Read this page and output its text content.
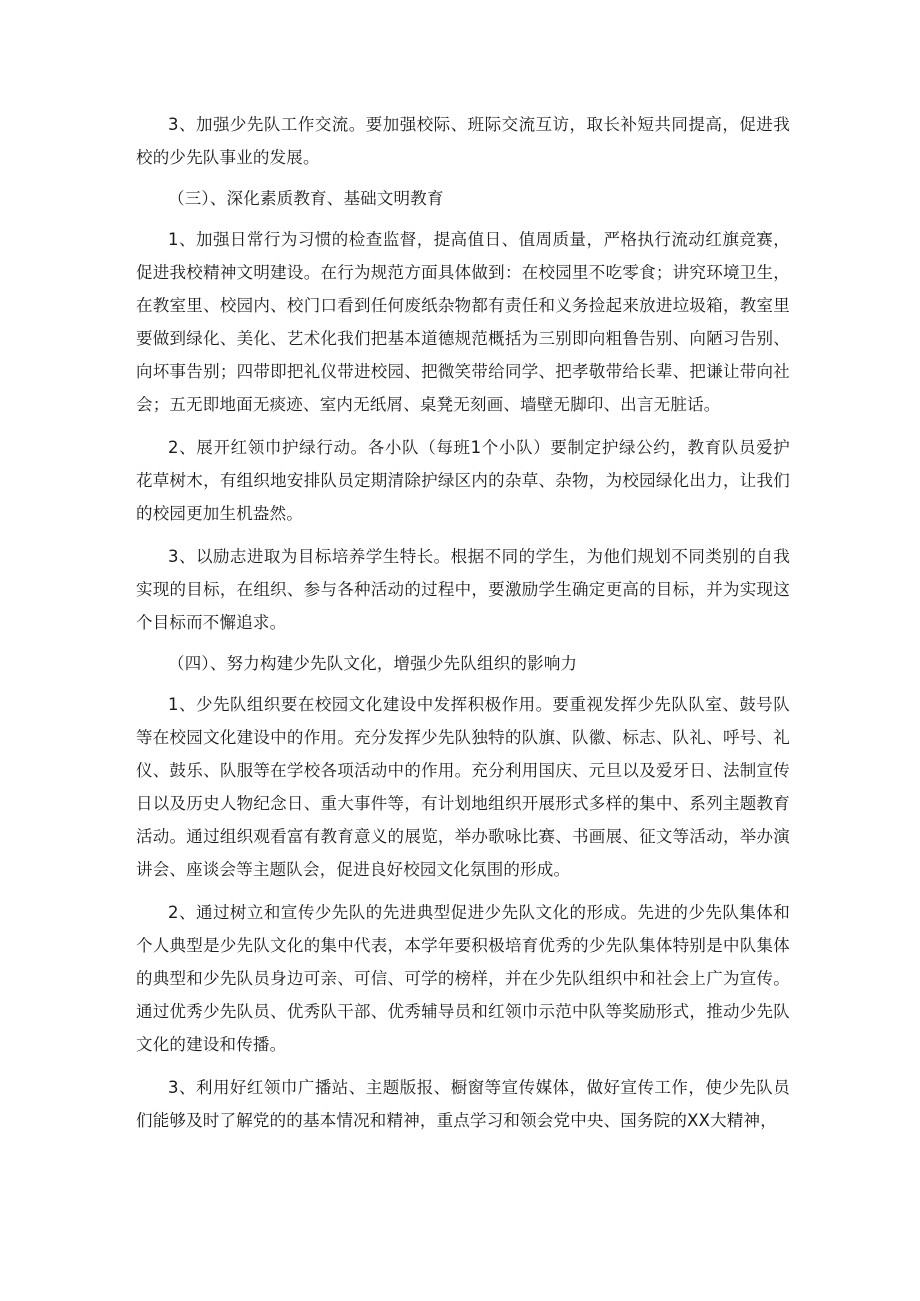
3、加强少先队工作交流。要加强校际、班际交流互访，取长补短共同提高，促进我校的少先队事业的发展。

（三）、深化素质教育、基础文明教育

1、加强日常行为习惯的检查监督，提高值日、值周质量，严格执行流动红旗竞赛，促进我校精神文明建设。在行为规范方面具体做到：在校园里不吃零食；讲究环境卫生，在教室里、校园内、校门口看到任何废纸杂物都有责任和义务捡起来放进垃圾箱，教室里要做到绿化、美化、艺术化我们把基本道德规范概括为三别即向粗鲁告别、向陋习告别、向坏事告别；四带即把礼仪带进校园、把微笑带给同学、把孝敬带给长辈、把谦让带向社会；五无即地面无痰迹、室内无纸屑、桌凳无刻画、墙壁无脚印、出言无脏话。

2、展开红领巾护绿行动。各小队（每班1个小队）要制定护绿公约，教育队员爱护花草树木，有组织地安排队员定期清除护绿区内的杂草、杂物，为校园绿化出力，让我们的校园更加生机盎然。

3、以励志进取为目标培养学生特长。根据不同的学生，为他们规划不同类别的自我实现的目标，在组织、参与各种活动的过程中，要激励学生确定更高的目标，并为实现这个目标而不懈追求。

（四）、努力构建少先队文化，增强少先队组织的影响力

1、少先队组织要在校园文化建设中发挥积极作用。要重视发挥少先队队室、鼓号队等在校园文化建设中的作用。充分发挥少先队独特的队旗、队徽、标志、队礼、呼号、礼仪、鼓乐、队服等在学校各项活动中的作用。充分利用国庆、元旦以及爱牙日、法制宣传日以及历史人物纪念日、重大事件等，有计划地组织开展形式多样的集中、系列主题教育活动。通过组织观看富有教育意义的展览，举办歌咏比赛、书画展、征文等活动，举办演讲会、座谈会等主题队会，促进良好校园文化氛围的形成。

2、通过树立和宣传少先队的先进典型促进少先队文化的形成。先进的少先队集体和个人典型是少先队文化的集中代表，本学年要积极培育优秀的少先队集体特别是中队集体的典型和少先队员身边可亲、可信、可学的榜样，并在少先队组织中和社会上广为宣传。通过优秀少先队员、优秀队干部、优秀辅导员和红领巾示范中队等奖励形式，推动少先队文化的建设和传播。

3、利用好红领巾广播站、主题版报、橱窗等宣传媒体，做好宣传工作，使少先队员们能够及时了解党的的基本情况和精神，重点学习和领会党中央、国务院的XX大精神，
